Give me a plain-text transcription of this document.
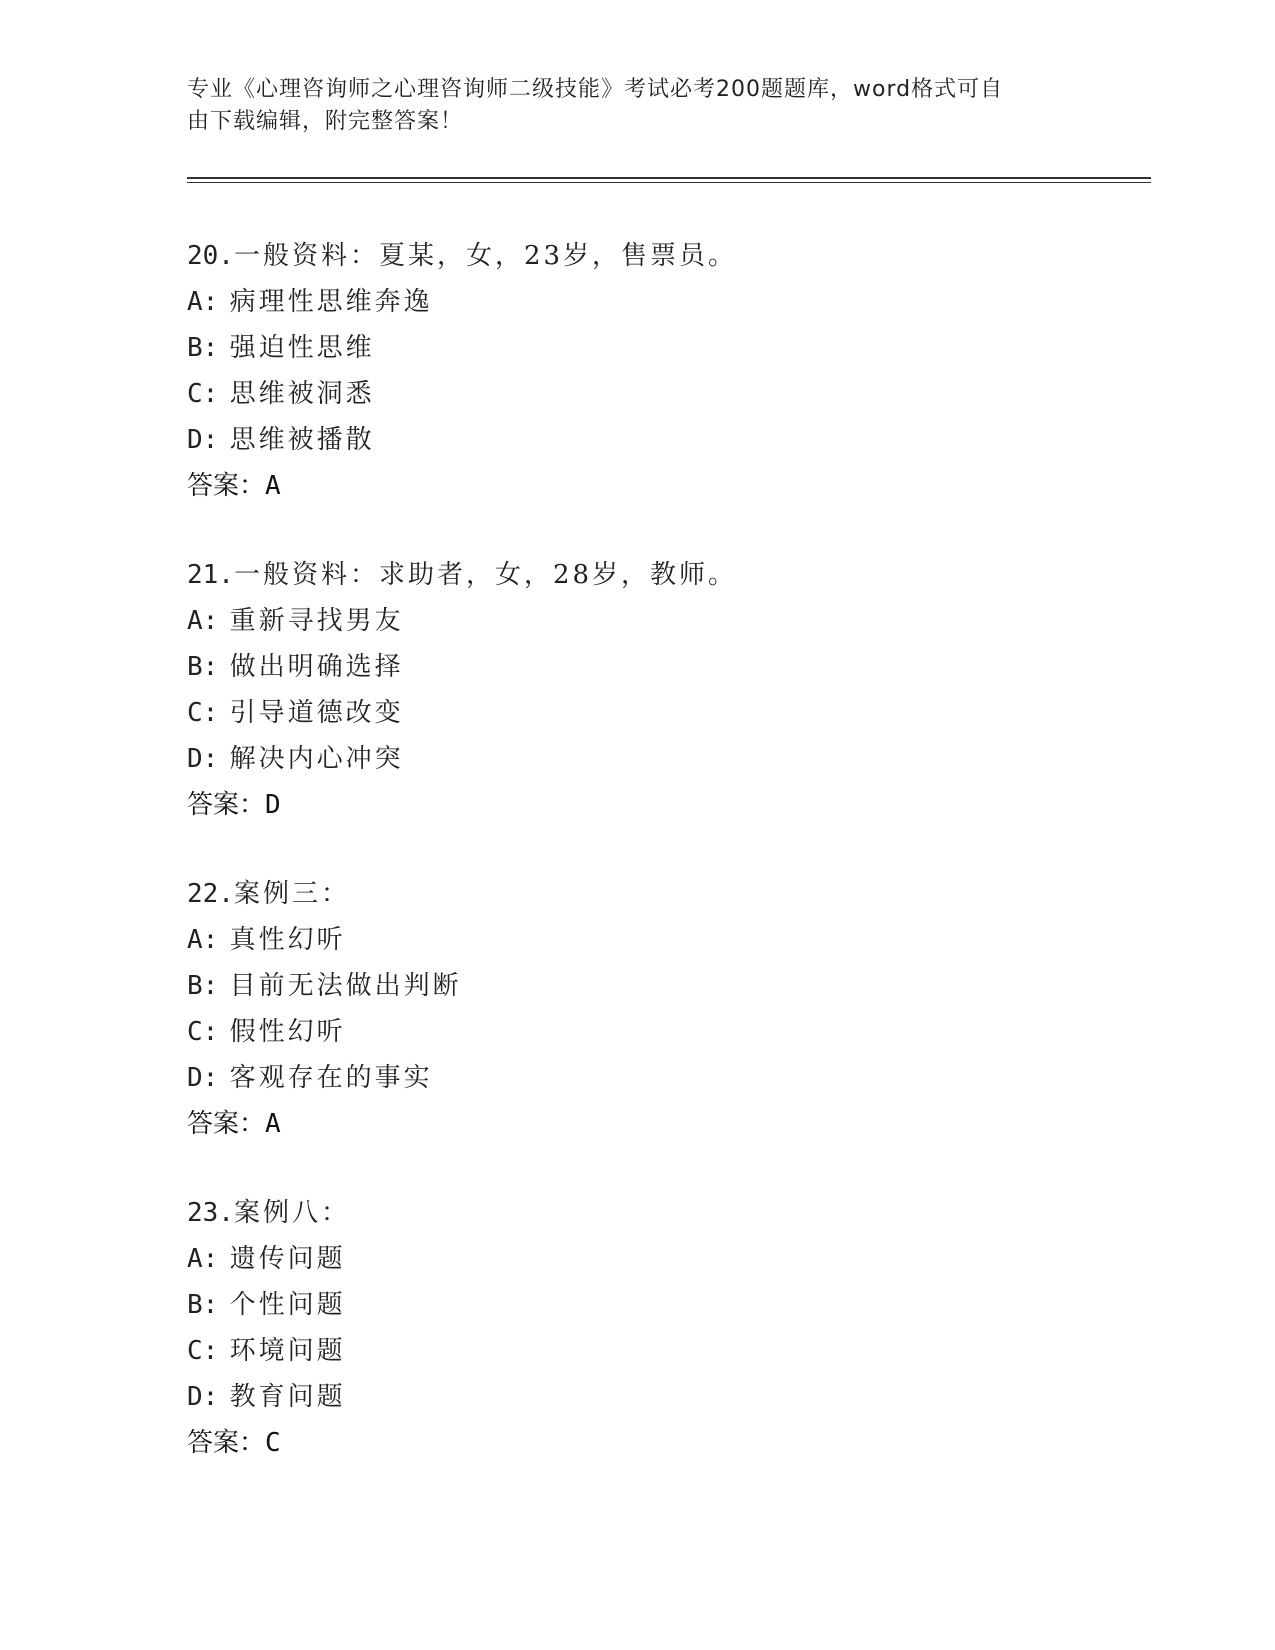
专业《心理咨询师之心理咨询师二级技能》考试必考200题题库，word格式可自
由下载编辑，附完整答案！
20.一般资料：夏某，女，23岁，售票员。
A: 病理性思维奔逸
B: 强迫性思维
C: 思维被洞悉
D: 思维被播散
答案：A
21.一般资料：求助者，女，28岁，教师。
A: 重新寻找男友
B: 做出明确选择
C: 引导道德改变
D: 解决内心冲突
答案：D
22.案例三：
A: 真性幻听
B: 目前无法做出判断
C: 假性幻听
D: 客观存在的事实
答案：A
23.案例八：
A: 遗传问题
B: 个性问题
C: 环境问题
D: 教育问题
答案：C
